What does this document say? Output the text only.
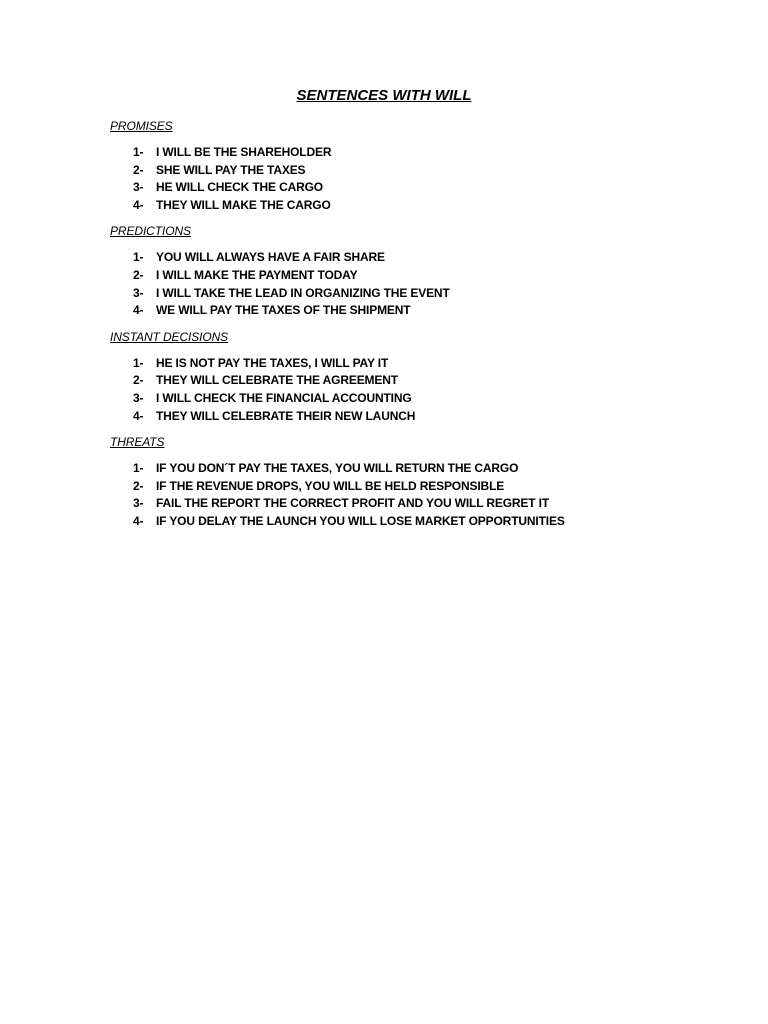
SENTENCES WITH WILL
PROMISES
1-	I WILL BE THE SHAREHOLDER
2-	SHE WILL PAY THE TAXES
3-	HE WILL CHECK THE CARGO
4-	THEY WILL MAKE THE CARGO
PREDICTIONS
1-	YOU WILL ALWAYS HAVE A FAIR SHARE
2-	I WILL MAKE THE PAYMENT TODAY
3-	I WILL TAKE THE LEAD IN ORGANIZING THE EVENT
4-	WE WILL PAY THE TAXES OF THE SHIPMENT
INSTANT DECISIONS
1-	HE IS NOT PAY THE TAXES, I WILL PAY IT
2-	THEY WILL CELEBRATE THE AGREEMENT
3-	I WILL CHECK THE FINANCIAL ACCOUNTING
4-	THEY WILL CELEBRATE THEIR NEW LAUNCH
THREATS
1-	IF YOU DON´T PAY THE TAXES, YOU WILL RETURN THE CARGO
2-	IF THE REVENUE DROPS, YOU WILL BE HELD RESPONSIBLE
3-	FAIL THE REPORT THE CORRECT PROFIT AND YOU WILL REGRET IT
4-	IF YOU DELAY THE LAUNCH YOU WILL LOSE MARKET OPPORTUNITIES
